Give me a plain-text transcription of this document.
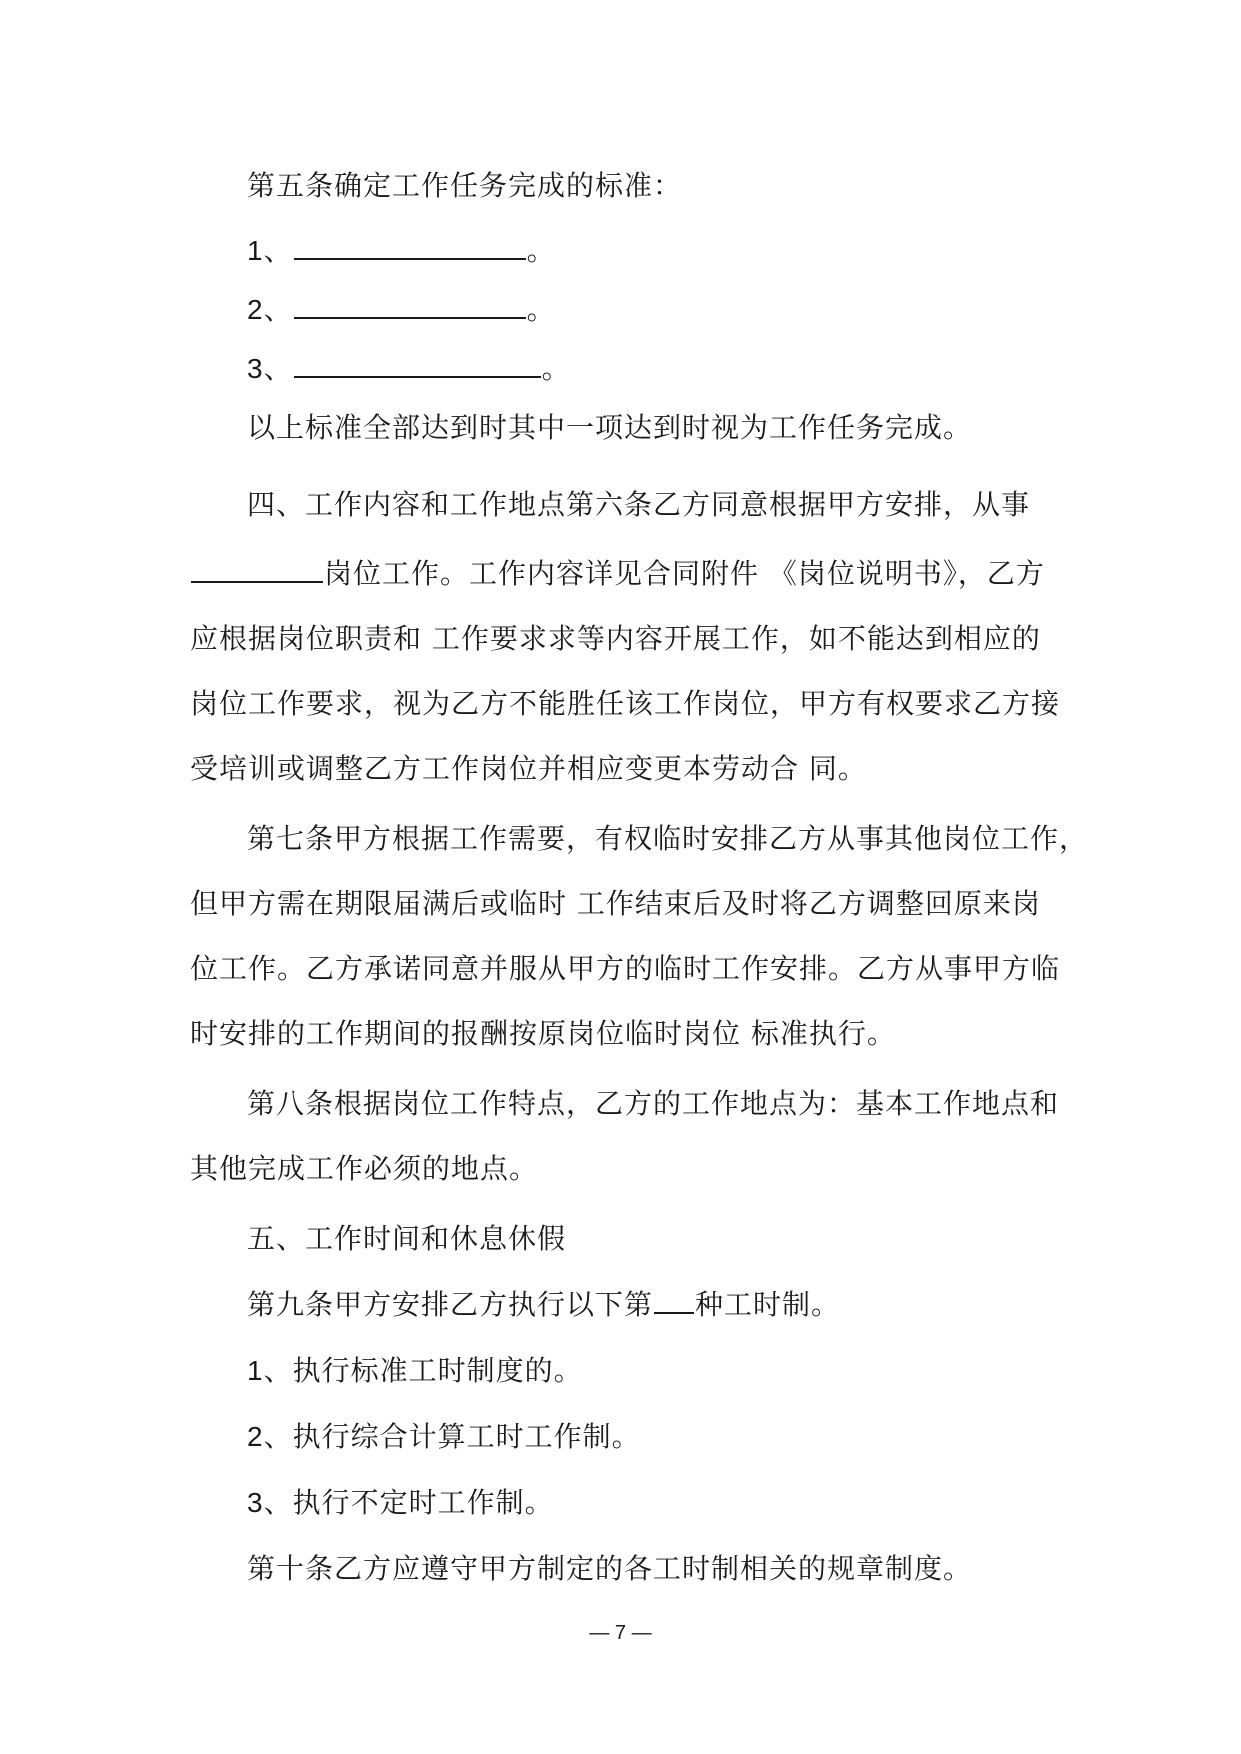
第五条确定工作任务完成的标准：
1、	。
2、	。
3、	。
以上标准全部达到时其中一项达到时视为工作任务完成。
四、工作内容和工作地点第六条乙方同意根据甲方安排，从事
岗位工作。工作内容详见合同附件 《岗位说明书》，乙方
应根据岗位职责和 工作要求求等内容开展工作，如不能达到相应的
岗位工作要求，视为乙方不能胜任该工作岗位，甲方有权要求乙方接
受培训或调整乙方工作岗位并相应变更本劳动合 同。
第七条甲方根据工作需要，有权临时安排乙方从事其他岗位工作，
但甲方需在期限届满后或临时 工作结束后及时将乙方调整回原来岗
位工作。乙方承诺同意并服从甲方的临时工作安排。乙方从事甲方临
时安排的工作期间的报酬按原岗位临时岗位 标准执行。
第八条根据岗位工作特点，乙方的工作地点为：基本工作地点和
其他完成工作必须的地点。
五、工作时间和休息休假
第九条甲方安排乙方执行以下第 种工时制。
1、执行标准工时制度的。
2、执行综合计算工时工作制。
3、执行不定时工作制。
第十条乙方应遵守甲方制定的各工时制相关的规章制度。
— 7 —
